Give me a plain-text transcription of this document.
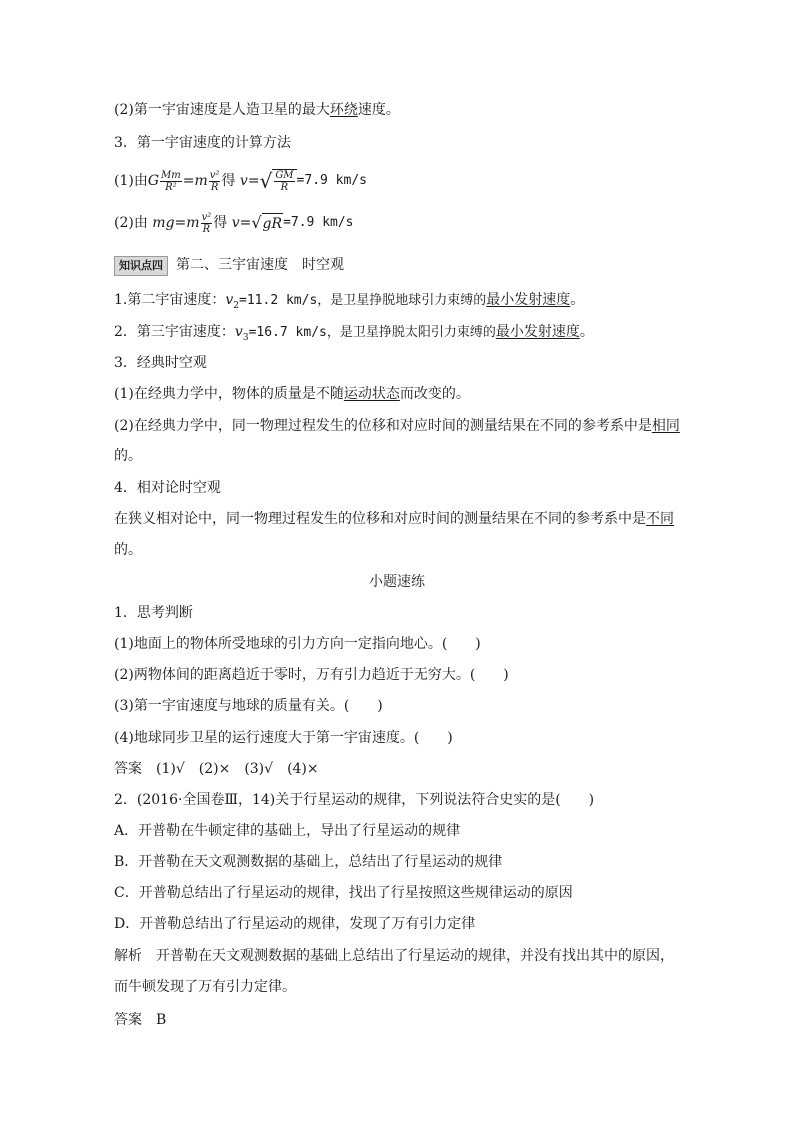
(2)第一宇宙速度是人造卫星的最大环绕速度。
3．第一宇宙速度的计算方法
(1)由 G $\frac{Mm}{\text{R²}} = m \frac{\text{v²}}{R}$ 得
v = √ $\frac{GM}{R} =7.9$ km/s
(2)由
mg = m $\frac{\text{v²}}{R}$ 得
v = √ gR =7.9 km/s
知识点四 第二、三宇宙速度　时空观
1.第二宇宙速度：$v_2=11.2$ km/s，是卫星挣脱地球引力束缚的最小发射速度。
2．第三宇宙速度：$v_3=16.7$ km/s，是卫星挣脱太阳引力束缚的最小发射速度。
3．经典时空观
(1)在经典力学中，物体的质量是不随运动状态而改变的。
(2)在经典力学中，同一物理过程发生的位移和对应时间的测量结果在不同的参考系中是相同
的。
4．相对论时空观
在狭义相对论中，同一物理过程发生的位移和对应时间的测量结果在不同的参考系中是不同
的。
小题速练
1．思考判断
(1)地面上的物体所受地球的引力方向一定指向地心。(　　)
(2)两物体间的距离趋近于零时，万有引力趋近于无穷大。(　　)
(3)第一宇宙速度与地球的质量有关。(　　)
(4)地球同步卫星的运行速度大于第一宇宙速度。(　　)
答案　(1)√　(2)×　(3)√　(4)×
2．(2016·全国卷Ⅲ，14)关于行星运动的规律，下列说法符合史实的是(　　)
A．开普勒在牛顿定律的基础上，导出了行星运动的规律
B．开普勒在天文观测数据的基础上，总结出了行星运动的规律
C．开普勒总结出了行星运动的规律，找出了行星按照这些规律运动的原因
D．开普勒总结出了行星运动的规律，发现了万有引力定律
解析　开普勒在天文观测数据的基础上总结出了行星运动的规律，并没有找出其中的原因，
而牛顿发现了万有引力定律。
答案　B
